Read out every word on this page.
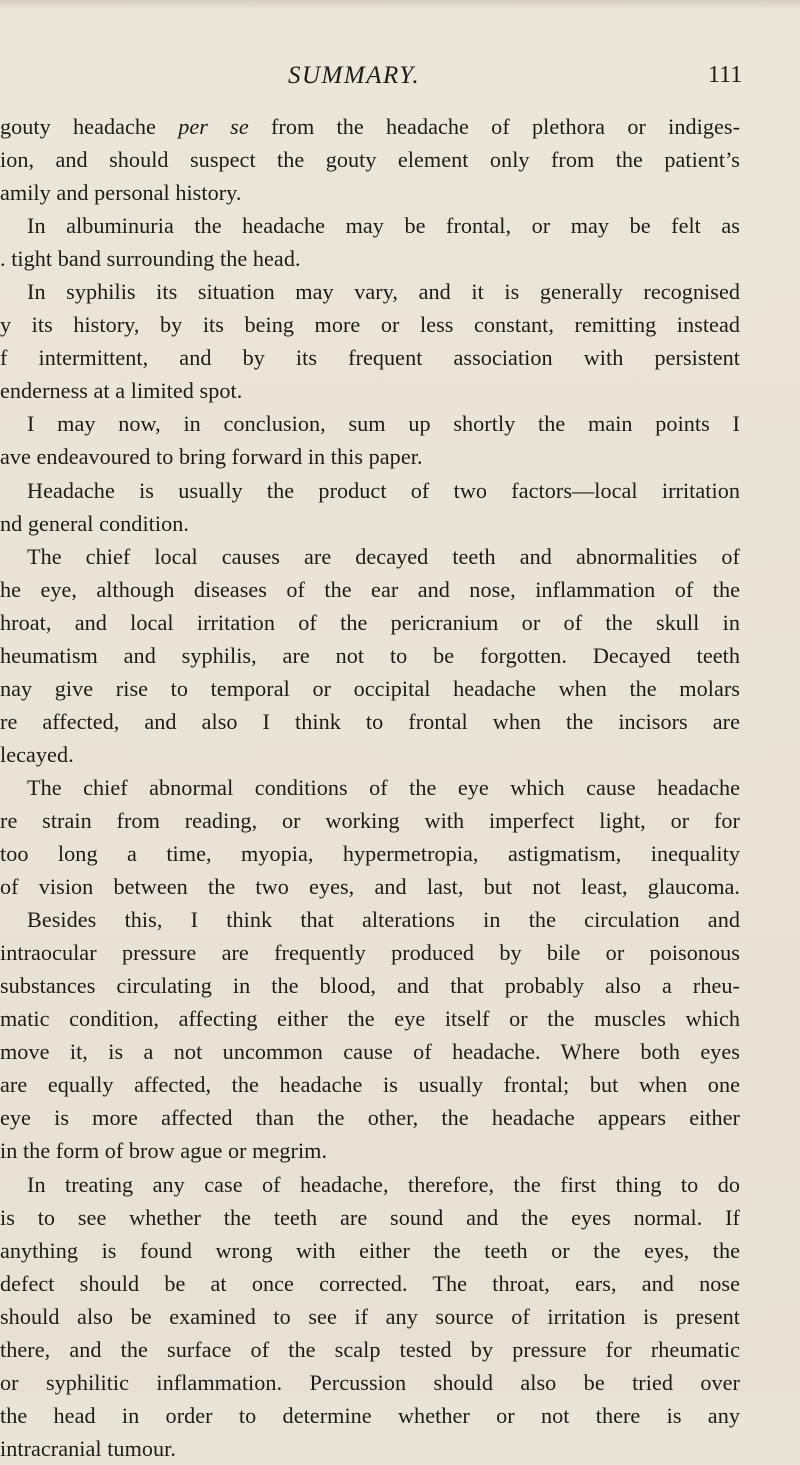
SUMMARY.	111
gouty headache per se from the headache of plethora or indiges-
ion, and should suspect the gouty element only from the patient’s
amily and personal history.
In albuminuria the headache may be frontal, or may be felt as
. tight band surrounding the head.
In syphilis its situation may vary, and it is generally recognised
y its history, by its being more or less constant, remitting instead
f intermittent, and by its frequent association with persistent
enderness at a limited spot.
I may now, in conclusion, sum up shortly the main points I
ave endeavoured to bring forward in this paper.
Headache is usually the product of two factors—local irritation
nd general condition.
The chief local causes are decayed teeth and abnormalities of
he eye, although diseases of the ear and nose, inflammation of the
hroat, and local irritation of the pericranium or of the skull in
heumatism and syphilis, are not to be forgotten. Decayed teeth
nay give rise to temporal or occipital headache when the molars
re affected, and also I think to frontal when the incisors are
lecayed.
The chief abnormal conditions of the eye which cause headache
re strain from reading, or working with imperfect light, or for
too long a time, myopia, hypermetropia, astigmatism, inequality
of vision between the two eyes, and last, but not least, glaucoma.
Besides this, I think that alterations in the circulation and
intraocular pressure are frequently produced by bile or poisonous
substances circulating in the blood, and that probably also a rheu-
matic condition, affecting either the eye itself or the muscles which
move it, is a not uncommon cause of headache. Where both eyes
are equally affected, the headache is usually frontal; but when one
eye is more affected than the other, the headache appears either
in the form of brow ague or megrim.
In treating any case of headache, therefore, the first thing to do
is to see whether the teeth are sound and the eyes normal. If
anything is found wrong with either the teeth or the eyes, the
defect should be at once corrected. The throat, ears, and nose
should also be examined to see if any source of irritation is present
there, and the surface of the scalp tested by pressure for rheumatic
or syphilitic inflammation. Percussion should also be tried over
the head in order to determine whether or not there is any
intracranial tumour.
